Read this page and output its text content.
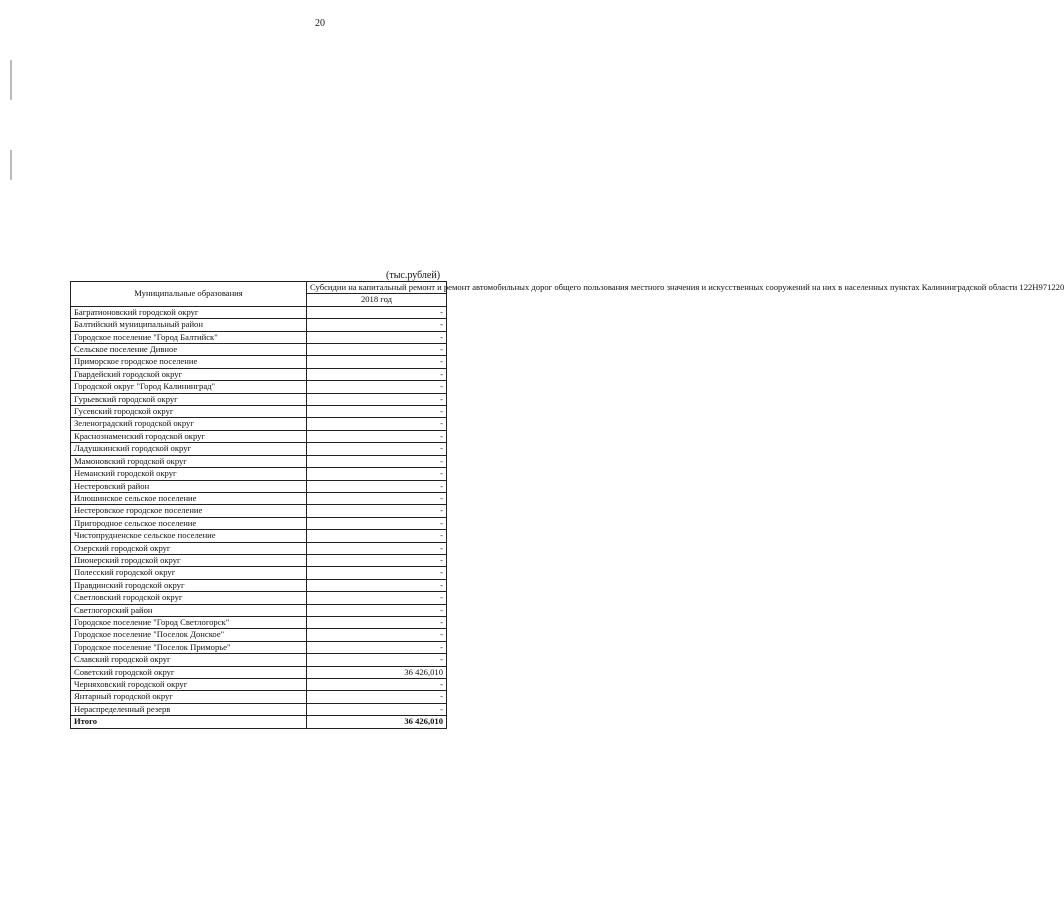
20
(тыс.рублей)
Муниципальные образования	Субсидии на капитальный ремонт и ремонт автомобильных дорог общего пользования местного значения и искусственных сооружений на них в населенных пунктах Калининградской области 122Н971220
	2018 год
Багратионовский городской округ	-
Балтийский муниципальный район	-
Городское поселение "Город Балтийск"	-
Сельское поселение Дивное	-
Приморское городское поселение	-
Гвардейский городской округ	-
Городской округ "Город Калининград"	-
Гурьевский городской округ	-
Гусевский городской округ	-
Зеленоградский городской округ	-
Краснознаменский городской округ	-
Ладушкинский городской округ	-
Мамоновский городской округ	-
Неманский городской округ	-
Нестеровский район	-
Илюшинское сельское поселение	-
Нестеровское городское поселение	-
Пригородное сельское поселение	-
Чистопрудненское сельское поселение	-
Озерский городской округ	-
Пионерский городской округ	-
Полесский городской округ	-
Правдинский городской округ	-
Светловский городской округ	-
Светлогорский район	-
Городское поселение "Город Светлогорск"	-
Городское поселение "Поселок Донское"	-
Городское поселение "Поселок Приморье"	-
Славский городской округ	-
Советский городской округ	36 426,010
Черняховский городской округ	-
Янтарный городской округ	-
Нераспределенный резерв	-
Итого	36 426,010
